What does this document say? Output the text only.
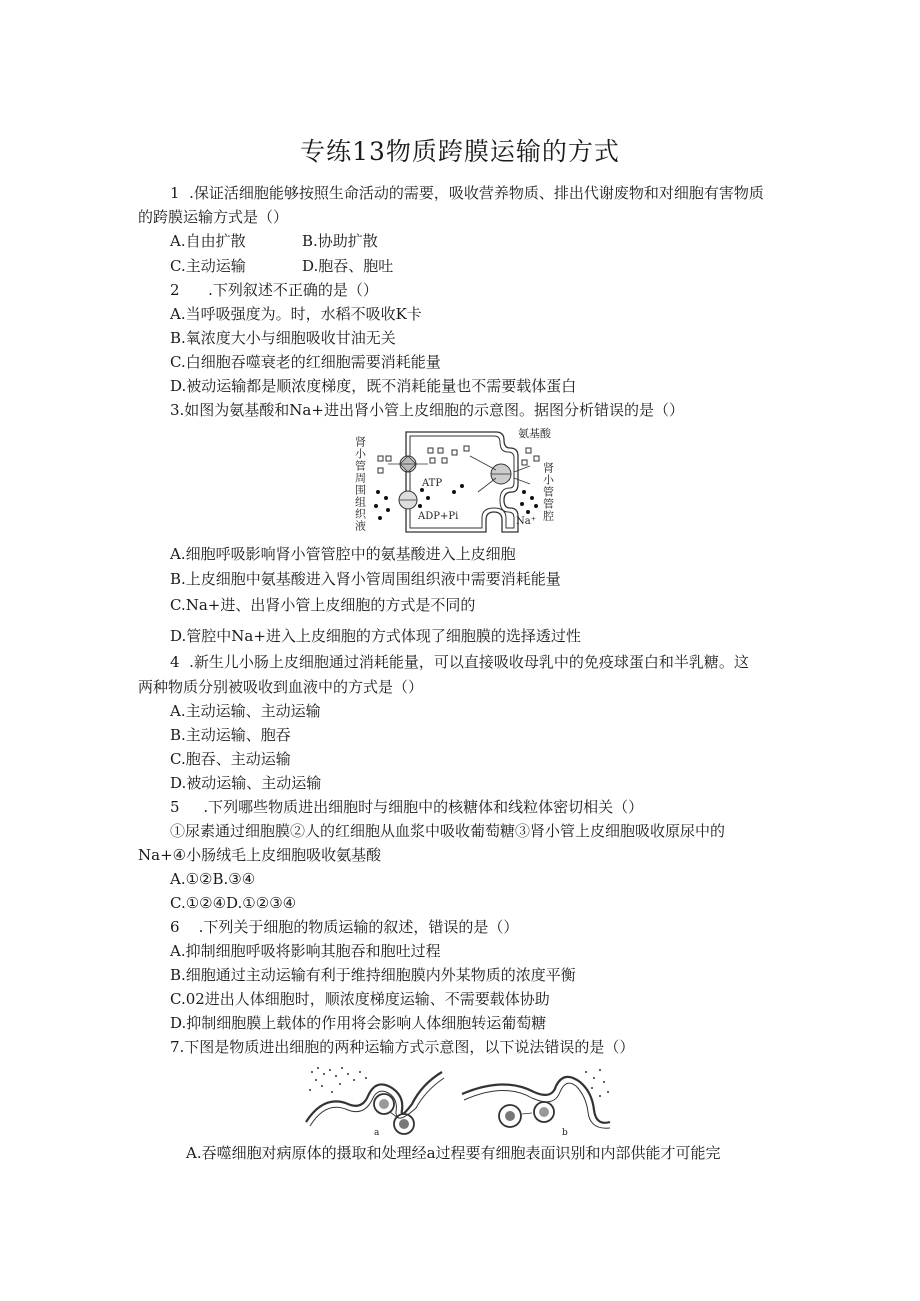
专练13物质跨膜运输的方式
1  .保证活细胞能够按照生命活动的需要，吸收营养物质、排出代谢废物和对细胞有害物质
的跨膜运输方式是（）
A.自由扩散	B.协助扩散
C.主动运输	D.胞吞、胞吐
2      .下列叙述不正确的是（）
A.当呼吸强度为。时，水稻不吸收K卡
B.氧浓度大小与细胞吸收甘油无关
C.白细胞吞噬衰老的红细胞需要消耗能量
D.被动运输都是顺浓度梯度，既不消耗能量也不需要载体蛋白
3.如图为氨基酸和Na+进出肾小管上皮细胞的示意图。据图分析错误的是（）
肾小管周围组织液	肾小管管腔
氨基酸
ATP
ADP+Pi	Na⁺
A.细胞呼吸影响肾小管管腔中的氨基酸进入上皮细胞
B.上皮细胞中氨基酸进入肾小管周围组织液中需要消耗能量
C.Na+进、出肾小管上皮细胞的方式是不同的
D.管腔中Na+进入上皮细胞的方式体现了细胞膜的选择透过性
4  .新生儿小肠上皮细胞通过消耗能量，可以直接吸收母乳中的免疫球蛋白和半乳糖。这
两种物质分别被吸收到血液中的方式是（）
A.主动运输、主动运输
B.主动运输、胞吞
C.胞吞、主动运输
D.被动运输、主动运输
5     .下列哪些物质进出细胞时与细胞中的核糖体和线粒体密切相关（）
①尿素通过细胞膜②人的红细胞从血浆中吸收葡萄糖③肾小管上皮细胞吸收原尿中的
Na+④小肠绒毛上皮细胞吸收氨基酸
A.①②B.③④
C.①②④D.①②③④
6    .下列关于细胞的物质运输的叙述，错误的是（）
A.抑制细胞呼吸将影响其胞吞和胞吐过程
B.细胞通过主动运输有利于维持细胞膜内外某物质的浓度平衡
C.02进出人体细胞时，顺浓度梯度运输、不需要载体协助
D.抑制细胞膜上载体的作用将会影响人体细胞转运葡萄糖
7.下图是物质进出细胞的两种运输方式示意图，以下说法错误的是（）
a	b
A.吞噬细胞对病原体的摄取和处理经a过程要有细胞表面识别和内部供能才可能完
